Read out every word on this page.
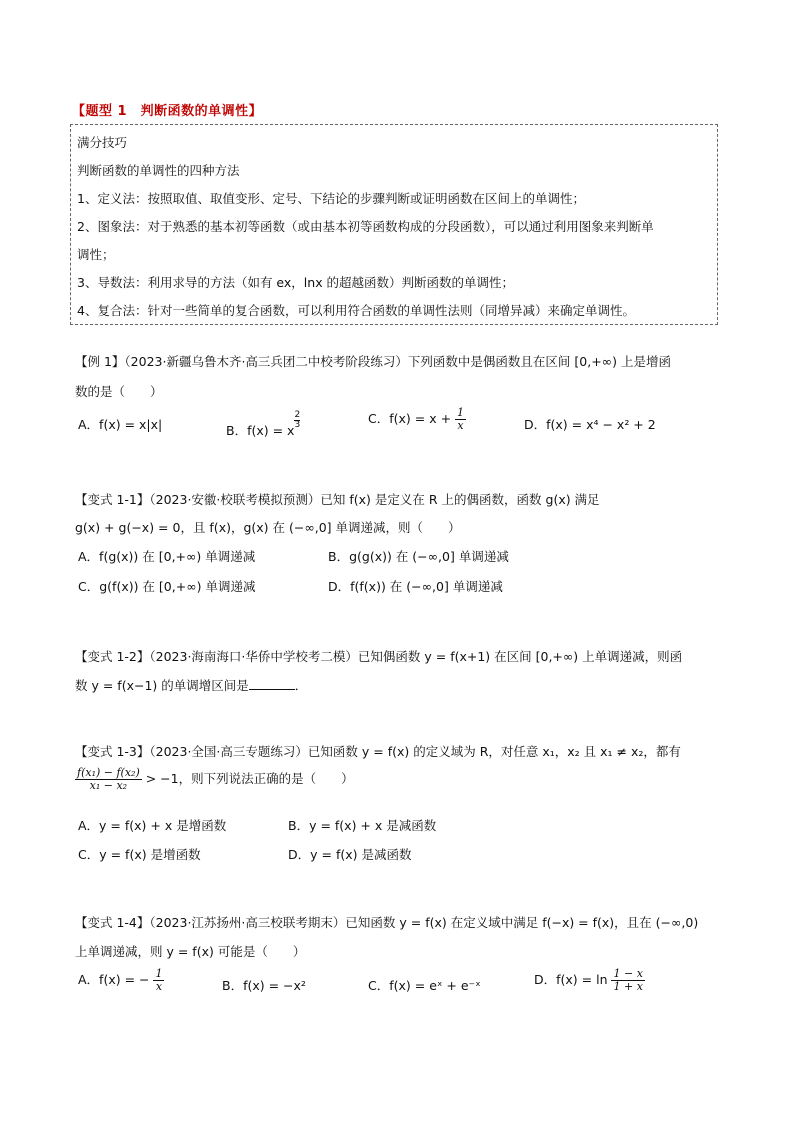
【题型 1　判断函数的单调性】
满分技巧
判断函数的单调性的四种方法
1、定义法：按照取值、取值变形、定号、下结论的步骤判断或证明函数在区间上的单调性；
2、图象法：对于熟悉的基本初等函数（或由基本初等函数构成的分段函数），可以通过利用图象来判断单
调性；
3、导数法：利用求导的方法（如有 ex，lnx 的超越函数）判断函数的单调性；
4、复合法：针对一些简单的复合函数，可以利用符合函数的单调性法则（同增异减）来确定单调性。
【例 1】（2023·新疆乌鲁木齐·高三兵团二中校考阶段练习）下列函数中是偶函数且在区间 [0,+∞) 上是增函
数的是（　　）
A．f(x) = x|x|	B．f(x) = x
$^{\frac{2}{3}}$	C．$f(x) = x + \frac{1}{x}$	D．f(x) = x⁴ − x² + 2
【变式 1-1】（2023·安徽·校联考模拟预测）已知 f(x) 是定义在 R 上的偶函数，函数 g(x) 满足
g(x) + g(−x) = 0，且 f(x)，g(x) 在 (−∞,0] 单调递减，则（　　）
A．f(g(x)) 在 [0,+∞) 单调递减	B．g(g(x)) 在 (−∞,0] 单调递减
C．g(f(x)) 在 [0,+∞) 单调递减	D．f(f(x)) 在 (−∞,0] 单调递减
【变式 1-2】（2023·海南海口·华侨中学校考二模）已知偶函数 y = f(x+1) 在区间 [0,+∞) 上单调递减，则函
数 y = f(x−1) 的单调增区间是	．
【变式 1-3】（2023·全国·高三专题练习）已知函数 y = f(x) 的定义域为 R，对任意 x₁，x₂ 且 x₁ ≠ x₂，都有
$\frac{\text{f(x₁) − f(x₂)}}{\text{x₁ − x₂}} > -1$，则下列说法正确的是（　　）
A．y = f(x) + x 是增函数	B．y = f(x) + x 是减函数
C．y = f(x) 是增函数	D．y = f(x) 是减函数
【变式 1-4】（2023·江苏扬州·高三校联考期末）已知函数 y = f(x) 在定义域中满足 f(−x) = f(x)，且在 (−∞,0)
上单调递减，则 y = f(x) 可能是（　　）
A．f(x) = − $\frac{1}{x}$	B．f(x) = −x²	C．f(x) = eˣ + e⁻ˣ	D．$f(x) = \ln \frac{1 - x}{1 + x}$
